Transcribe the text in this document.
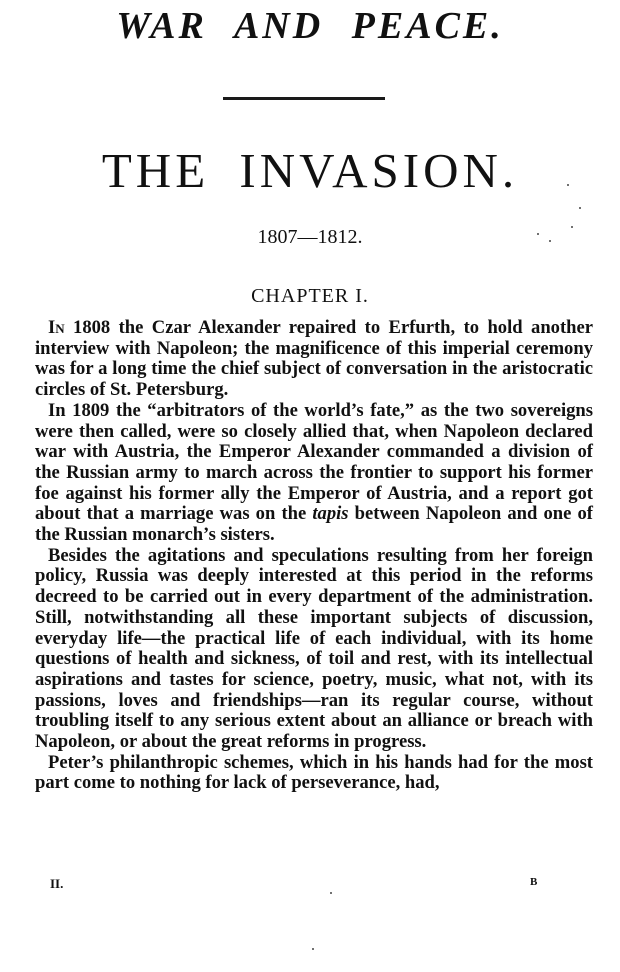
WAR AND PEACE.
THE INVASION.
1807—1812.
CHAPTER I.

In 1808 the Czar Alexander repaired to Erfurth, to hold another interview with Napoleon; the magnificence of this imperial ceremony was for a long time the chief subject of conversation in the aristocratic circles of St. Petersburg.

In 1809 the “arbitrators of the world’s fate,” as the two sovereigns were then called, were so closely allied that, when Napoleon declared war with Austria, the Emperor Alexander commanded a division of the Russian army to march across the frontier to support his former foe against his former ally the Emperor of Austria, and a report got about that a marriage was on the tapis between Napoleon and one of the Russian monarch’s sisters.

Besides the agitations and speculations resulting from her foreign policy, Russia was deeply interested at this period in the reforms decreed to be carried out in every department of the administration. Still, notwithstanding all these important subjects of discussion, everyday life—the practical life of each individual, with its home questions of health and sickness, of toil and rest, with its intellectual aspirations and tastes for science, poetry, music, what not, with its passions, loves and friendships—ran its regular course, without troubling itself to any serious extent about an alliance or breach with Napoleon, or about the great reforms in progress.

Peter’s philanthropic schemes, which in his hands had for the most part come to nothing for lack of perseverance, had,

II.	B
